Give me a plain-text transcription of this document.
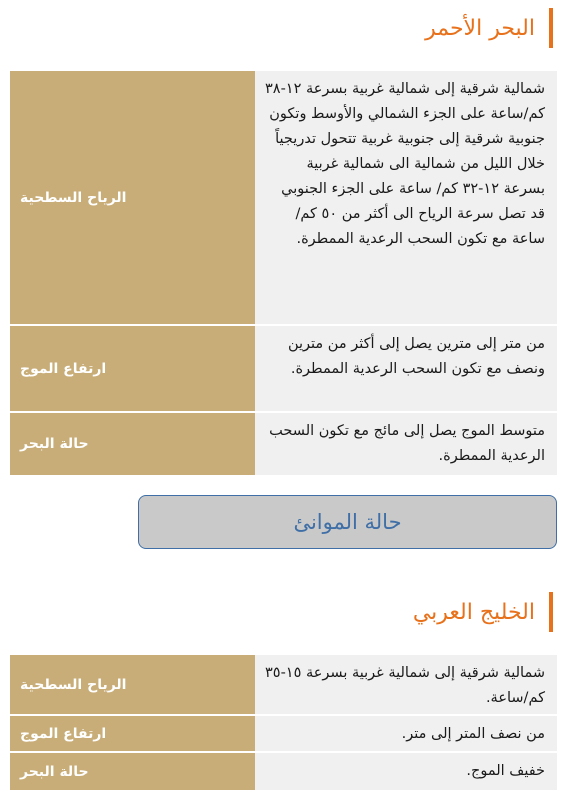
البحر الأحمر
شمالية شرقية إلى شمالية غربية بسرعة ١٢-٣٨ كم/ساعة على الجزء الشمالي والأوسط وتكون جنوبية شرقية إلى جنوبية غربية تتحول تدريجياً خلال الليل من شمالية الى شمالية غربية بسرعة ١٢-٣٢ كم/ ساعة على الجزء الجنوبي قد تصل سرعة الرياح الى أكثر من ٥٠ كم/ ساعة مع تكون السحب الرعدية الممطرة.
الرياح السطحية
من متر إلى مترين يصل إلى أكثر من مترين ونصف مع تكون السحب الرعدية الممطرة.
ارتفاع الموج
متوسط الموج يصل إلى مائج مع تكون السحب الرعدية الممطرة.
حالة البحر
حالة الموانئ
الخليج العربي
شمالية شرقية إلى شمالية غربية بسرعة ١٥-٣٥ كم/ساعة.
الرياح السطحية
من نصف المتر إلى متر.
ارتفاع الموج
خفيف الموج.
حالة البحر
